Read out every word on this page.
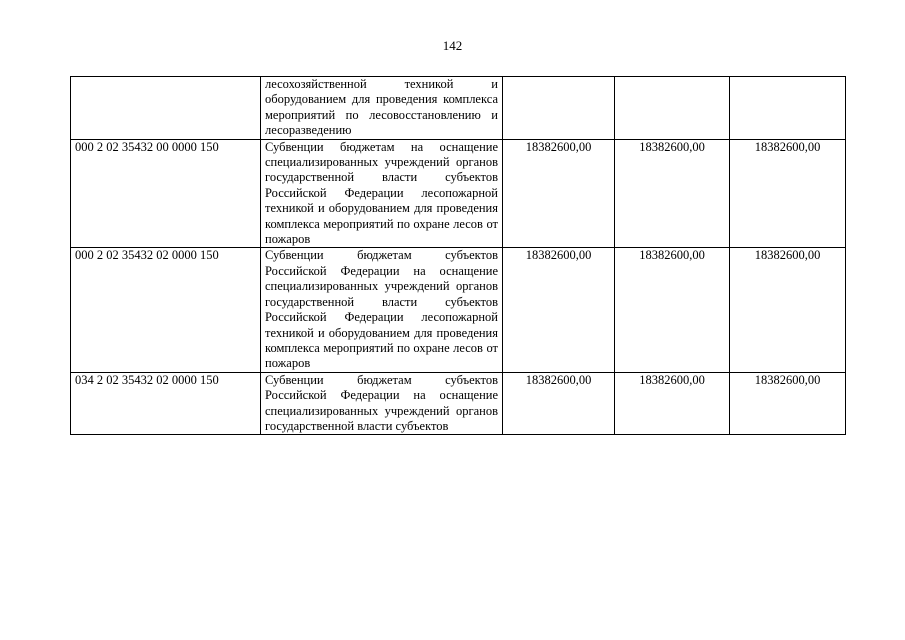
142

	лесохозяйственной техникой и оборудованием для проведения комплекса мероприятий по лесовосстановлению и лесоразведению			

000 2 02 35432 00 0000 150	Субвенции бюджетам на оснащение специализированных учреждений органов государственной власти субъектов Российской Федерации лесопожарной техникой и оборудованием для проведения комплекса мероприятий по охране лесов от пожаров	18382600,00	18382600,00	18382600,00
000 2 02 35432 02 0000 150	Субвенции бюджетам субъектов Российской Федерации на оснащение специализированных учреждений органов государственной власти субъектов Российской Федерации лесопожарной техникой и оборудованием для проведения комплекса мероприятий по охране лесов от пожаров	18382600,00	18382600,00	18382600,00
034 2 02 35432 02 0000 150	Субвенции бюджетам субъектов Российской Федерации на оснащение специализированных учреждений органов государственной власти субъектов	18382600,00	18382600,00	18382600,00
